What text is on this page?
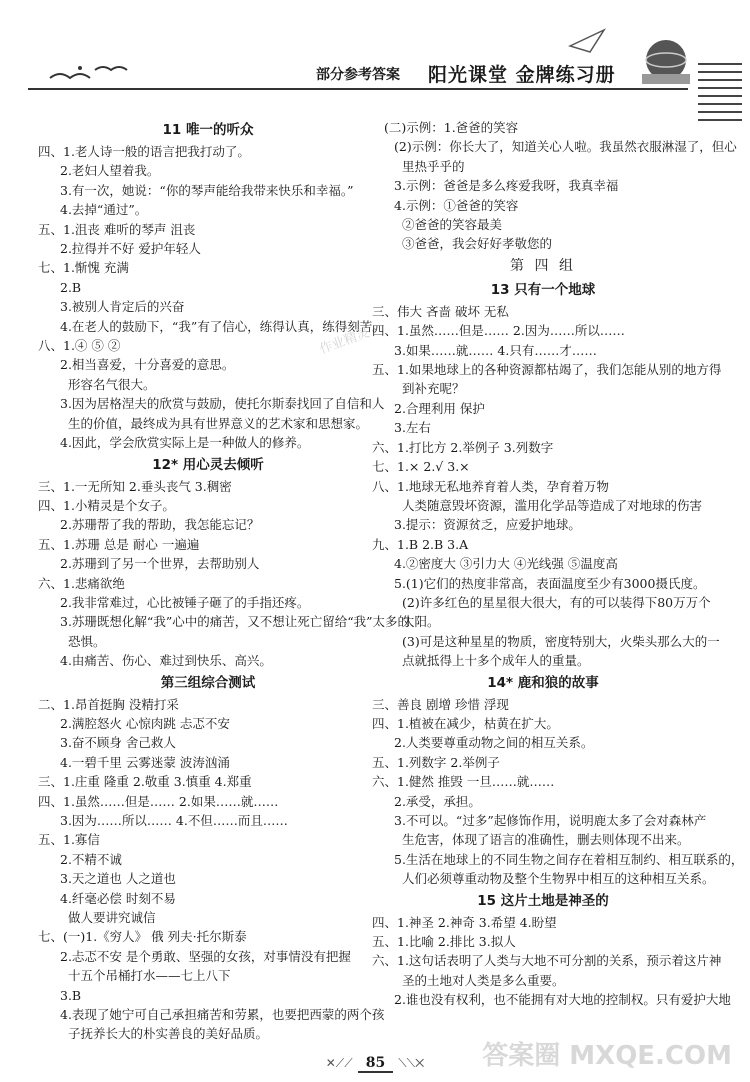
部分参考答案 阳光课堂 金牌练习册
11 唯一的听众
四、1.老人诗一般的语言把我打动了。
2.老妇人望着我。
3.有一次，她说：“你的琴声能给我带来快乐和幸福。”
4.去掉“通过”。
五、1.沮丧 难听的琴声 沮丧
2.拉得并不好 爱护年轻人
七、1.惭愧 充满
2.B
3.被别人肯定后的兴奋
4.在老人的鼓励下，“我”有了信心，练得认真，练得刻苦。
八、1.④ ⑤ ②
2.相当喜爱，十分喜爱的意思。
形容名气很大。
3.因为居格涅夫的欣赏与鼓励，使托尔斯泰找回了自信和人
生的价值，最终成为具有世界意义的艺术家和思想家。
4.因此，学会欣赏实际上是一种做人的修养。
12* 用心灵去倾听
三、1.一无所知 2.垂头丧气 3.稠密
四、1.小精灵是个女子。
2.苏珊帮了我的帮助，我怎能忘记？
五、1.苏珊 总是 耐心 一遍遍
2.苏珊到了另一个世界，去帮助别人
六、1.悲痛欲绝
2.我非常难过，心比被锤子砸了的手指还疼。
3.苏珊既想化解“我”心中的痛苦，又不想让死亡留给“我”太多的
恐惧。
4.由痛苦、伤心、难过到快乐、高兴。
第三组综合测试
二、1.昂首挺胸 没精打采
2.满腔怒火 心惊肉跳 忐忑不安
3.奋不顾身 舍己救人
4.一碧千里 云雾迷蒙 波涛汹涌
三、1.庄重 隆重 2.敬重 3.慎重 4.郑重
四、1.虽然……但是…… 2.如果……就……
3.因为……所以…… 4.不但……而且……
五、1.寡信
2.不精不诚
3.天之道也 人之道也
4.纤毫必偿 时刻不易
做人要讲究诚信
七、(一)1.《穷人》 俄 列夫·托尔斯泰
2.忐忑不安 是个勇敢、坚强的女孩，对事情没有把握
十五个吊桶打水——七上八下
3.B
4.表现了她宁可自己承担痛苦和劳累，也要把西蒙的两个孩
子抚养长大的朴实善良的美好品质。
(二)示例：1.爸爸的笑容
(2)示例：你长大了，知道关心人啦。我虽然衣服淋湿了，但心
里热乎乎的
3.示例：爸爸是多么疼爱我呀，我真幸福
4.示例：①爸爸的笑容
②爸爸的笑容最美
③爸爸，我会好好孝敬您的
第 四 组
13 只有一个地球
三、伟大 吝啬 破坏 无私
四、1.虽然……但是…… 2.因为……所以……
3.如果……就…… 4.只有……才……
五、1.如果地球上的各种资源都枯竭了，我们怎能从别的地方得
到补充呢？
2.合理利用 保护
3.左右
六、1.打比方 2.举例子 3.列数字
七、1.× 2.√ 3.×
八、1.地球无私地养育着人类，孕育着万物
人类随意毁坏资源，滥用化学品等造成了对地球的伤害
3.提示：资源贫乏，应爱护地球。
九、1.B 2.B 3.A
4.②密度大 ③引力大 ④光线强 ⑤温度高
5.(1)它们的热度非常高，表面温度至少有3000摄氏度。
(2)许多红色的星星很大很大，有的可以装得下80万万个
太阳。
(3)可是这种星星的物质，密度特别大，火柴头那么大的一
点就抵得上十多个成年人的重量。
14* 鹿和狼的故事
三、善良 剧增 珍惜 浮现
四、1.植被在减少，枯黄在扩大。
2.人类要尊重动物之间的相互关系。
五、1.列数字 2.举例子
六、1.健然 推毁 一旦……就……
2.承受，承担。
3.不可以。“过多”起修饰作用，说明鹿太多了会对森林产
生危害，体现了语言的准确性，删去则体现不出来。
5.生活在地球上的不同生物之间存在着相互制约、相互联系的，
人们必须尊重动物及整个生物界中相互的这种相互关系。
15 这片土地是神圣的
四、1.神圣 2.神奇 3.希望 4.盼望
五、1.比喻 2.排比 3.拟人
六、1.这句话表明了人类与大地不可分割的关系，预示着这片神
圣的土地对人类是多么重要。
2.谁也没有权利，也不能拥有对大地的控制权。只有爱护大地
作业精灵
✕⟋⟋ 85 ⟍⟍✕	答案圈 MXQE.COM
